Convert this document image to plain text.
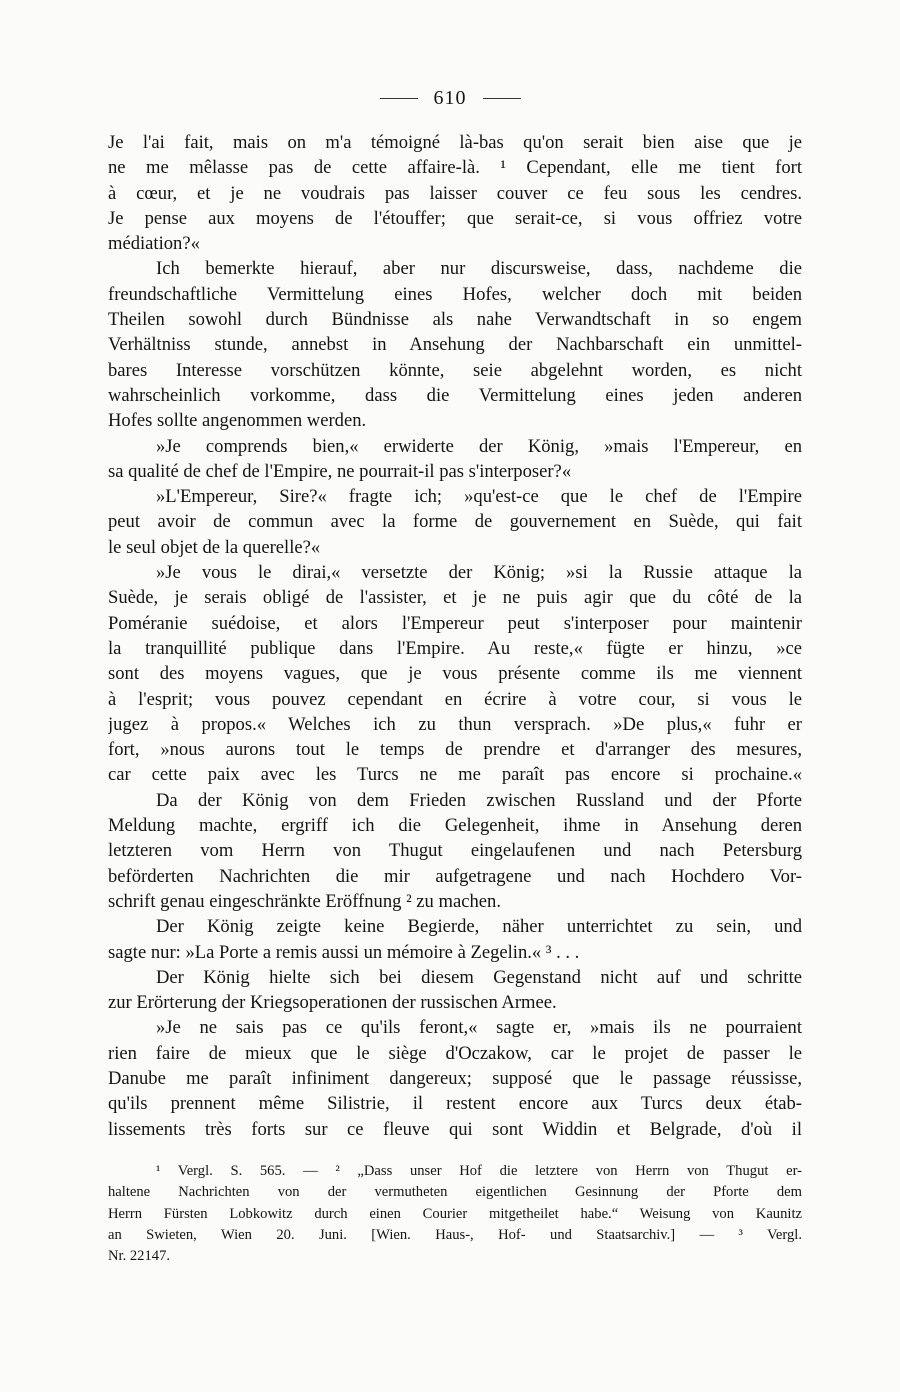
610
Je l'ai fait, mais on m'a témoigné là-bas qu'on serait bien aise que je
ne me mêlasse pas de cette affaire-là. ¹ Cependant, elle me tient fort
à cœur, et je ne voudrais pas laisser couver ce feu sous les cendres.
Je pense aux moyens de l'étouffer; que serait-ce, si vous offriez votre
médiation?«
Ich bemerkte hierauf, aber nur discursweise, dass, nachdeme die
freundschaftliche Vermittelung eines Hofes, welcher doch mit beiden
Theilen sowohl durch Bündnisse als nahe Verwandtschaft in so engem
Verhältniss stunde, annebst in Ansehung der Nachbarschaft ein unmittel-
bares Interesse vorschützen könnte, seie abgelehnt worden, es nicht
wahrscheinlich vorkomme, dass die Vermittelung eines jeden anderen
Hofes sollte angenommen werden.
»Je comprends bien,« erwiderte der König, »mais l'Empereur, en
sa qualité de chef de l'Empire, ne pourrait-il pas s'interposer?«
»L'Empereur, Sire?« fragte ich; »qu'est-ce que le chef de l'Empire
peut avoir de commun avec la forme de gouvernement en Suède, qui fait
le seul objet de la querelle?«
»Je vous le dirai,« versetzte der König; »si la Russie attaque la
Suède, je serais obligé de l'assister, et je ne puis agir que du côté de la
Poméranie suédoise, et alors l'Empereur peut s'interposer pour maintenir
la tranquillité publique dans l'Empire. Au reste,« fügte er hinzu, »ce
sont des moyens vagues, que je vous présente comme ils me viennent
à l'esprit; vous pouvez cependant en écrire à votre cour, si vous le
jugez à propos.« Welches ich zu thun versprach. »De plus,« fuhr er
fort, »nous aurons tout le temps de prendre et d'arranger des mesures,
car cette paix avec les Turcs ne me paraît pas encore si prochaine.«
Da der König von dem Frieden zwischen Russland und der Pforte
Meldung machte, ergriff ich die Gelegenheit, ihme in Ansehung deren
letzteren vom Herrn von Thugut eingelaufenen und nach Petersburg
beförderten Nachrichten die mir aufgetragene und nach Hochdero Vor-
schrift genau eingeschränkte Eröffnung ² zu machen.
Der König zeigte keine Begierde, näher unterrichtet zu sein, und
sagte nur: »La Porte a remis aussi un mémoire à Zegelin.« ³ . . .
Der König hielte sich bei diesem Gegenstand nicht auf und schritte
zur Erörterung der Kriegsoperationen der russischen Armee.
»Je ne sais pas ce qu'ils feront,« sagte er, »mais ils ne pourraient
rien faire de mieux que le siège d'Oczakow, car le projet de passer le
Danube me paraît infiniment dangereux; supposé que le passage réussisse,
qu'ils prennent même Silistrie, il restent encore aux Turcs deux étab-
lissements très forts sur ce fleuve qui sont Widdin et Belgrade, d'où il
¹ Vergl. S. 565. — ² „Dass unser Hof die letztere von Herrn von Thugut er-
haltene Nachrichten von der vermutheten eigentlichen Gesinnung der Pforte dem
Herrn Fürsten Lobkowitz durch einen Courier mitgetheilet habe.“ Weisung von Kaunitz
an Swieten, Wien 20. Juni. [Wien. Haus-, Hof- und Staatsarchiv.] — ³ Vergl.
Nr. 22147.
